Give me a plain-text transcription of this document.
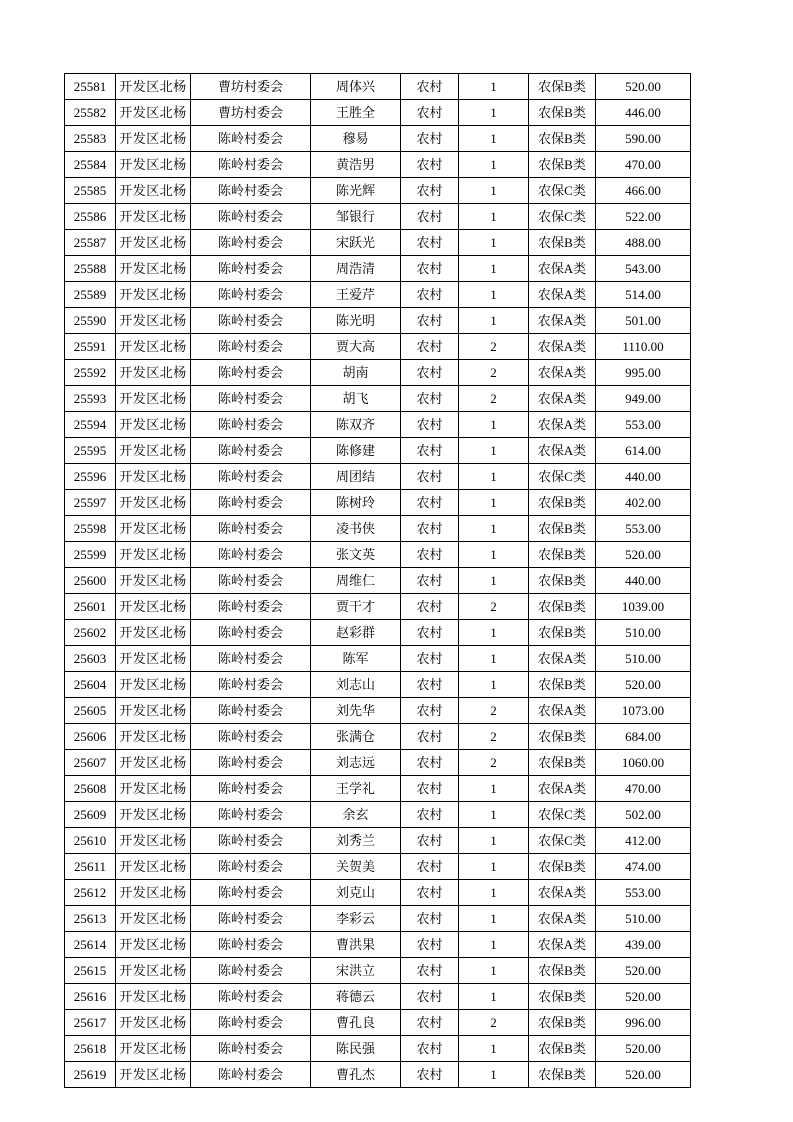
25581	开发区北杨	曹坊村委会	周体兴	农村	1	农保B类	520.00
25582	开发区北杨	曹坊村委会	王胜全	农村	1	农保B类	446.00
25583	开发区北杨	陈岭村委会	穆易	农村	1	农保B类	590.00
25584	开发区北杨	陈岭村委会	黄浩男	农村	1	农保B类	470.00
25585	开发区北杨	陈岭村委会	陈光辉	农村	1	农保C类	466.00
25586	开发区北杨	陈岭村委会	邹银行	农村	1	农保C类	522.00
25587	开发区北杨	陈岭村委会	宋跃光	农村	1	农保B类	488.00
25588	开发区北杨	陈岭村委会	周浩清	农村	1	农保A类	543.00
25589	开发区北杨	陈岭村委会	王爱芹	农村	1	农保A类	514.00
25590	开发区北杨	陈岭村委会	陈光明	农村	1	农保A类	501.00
25591	开发区北杨	陈岭村委会	贾大高	农村	2	农保A类	1110.00
25592	开发区北杨	陈岭村委会	胡南	农村	2	农保A类	995.00
25593	开发区北杨	陈岭村委会	胡飞	农村	2	农保A类	949.00
25594	开发区北杨	陈岭村委会	陈双齐	农村	1	农保A类	553.00
25595	开发区北杨	陈岭村委会	陈修建	农村	1	农保A类	614.00
25596	开发区北杨	陈岭村委会	周团结	农村	1	农保C类	440.00
25597	开发区北杨	陈岭村委会	陈树玲	农村	1	农保B类	402.00
25598	开发区北杨	陈岭村委会	凌书侠	农村	1	农保B类	553.00
25599	开发区北杨	陈岭村委会	张文英	农村	1	农保B类	520.00
25600	开发区北杨	陈岭村委会	周维仁	农村	1	农保B类	440.00
25601	开发区北杨	陈岭村委会	贾干才	农村	2	农保B类	1039.00
25602	开发区北杨	陈岭村委会	赵彩群	农村	1	农保B类	510.00
25603	开发区北杨	陈岭村委会	陈军	农村	1	农保A类	510.00
25604	开发区北杨	陈岭村委会	刘志山	农村	1	农保B类	520.00
25605	开发区北杨	陈岭村委会	刘先华	农村	2	农保A类	1073.00
25606	开发区北杨	陈岭村委会	张满仓	农村	2	农保B类	684.00
25607	开发区北杨	陈岭村委会	刘志远	农村	2	农保B类	1060.00
25608	开发区北杨	陈岭村委会	王学礼	农村	1	农保A类	470.00
25609	开发区北杨	陈岭村委会	余玄	农村	1	农保C类	502.00
25610	开发区北杨	陈岭村委会	刘秀兰	农村	1	农保C类	412.00
25611	开发区北杨	陈岭村委会	关贺美	农村	1	农保B类	474.00
25612	开发区北杨	陈岭村委会	刘克山	农村	1	农保A类	553.00
25613	开发区北杨	陈岭村委会	李彩云	农村	1	农保A类	510.00
25614	开发区北杨	陈岭村委会	曹洪果	农村	1	农保A类	439.00
25615	开发区北杨	陈岭村委会	宋洪立	农村	1	农保B类	520.00
25616	开发区北杨	陈岭村委会	蒋德云	农村	1	农保B类	520.00
25617	开发区北杨	陈岭村委会	曹孔良	农村	2	农保B类	996.00
25618	开发区北杨	陈岭村委会	陈民强	农村	1	农保B类	520.00
25619	开发区北杨	陈岭村委会	曹孔杰	农村	1	农保B类	520.00
